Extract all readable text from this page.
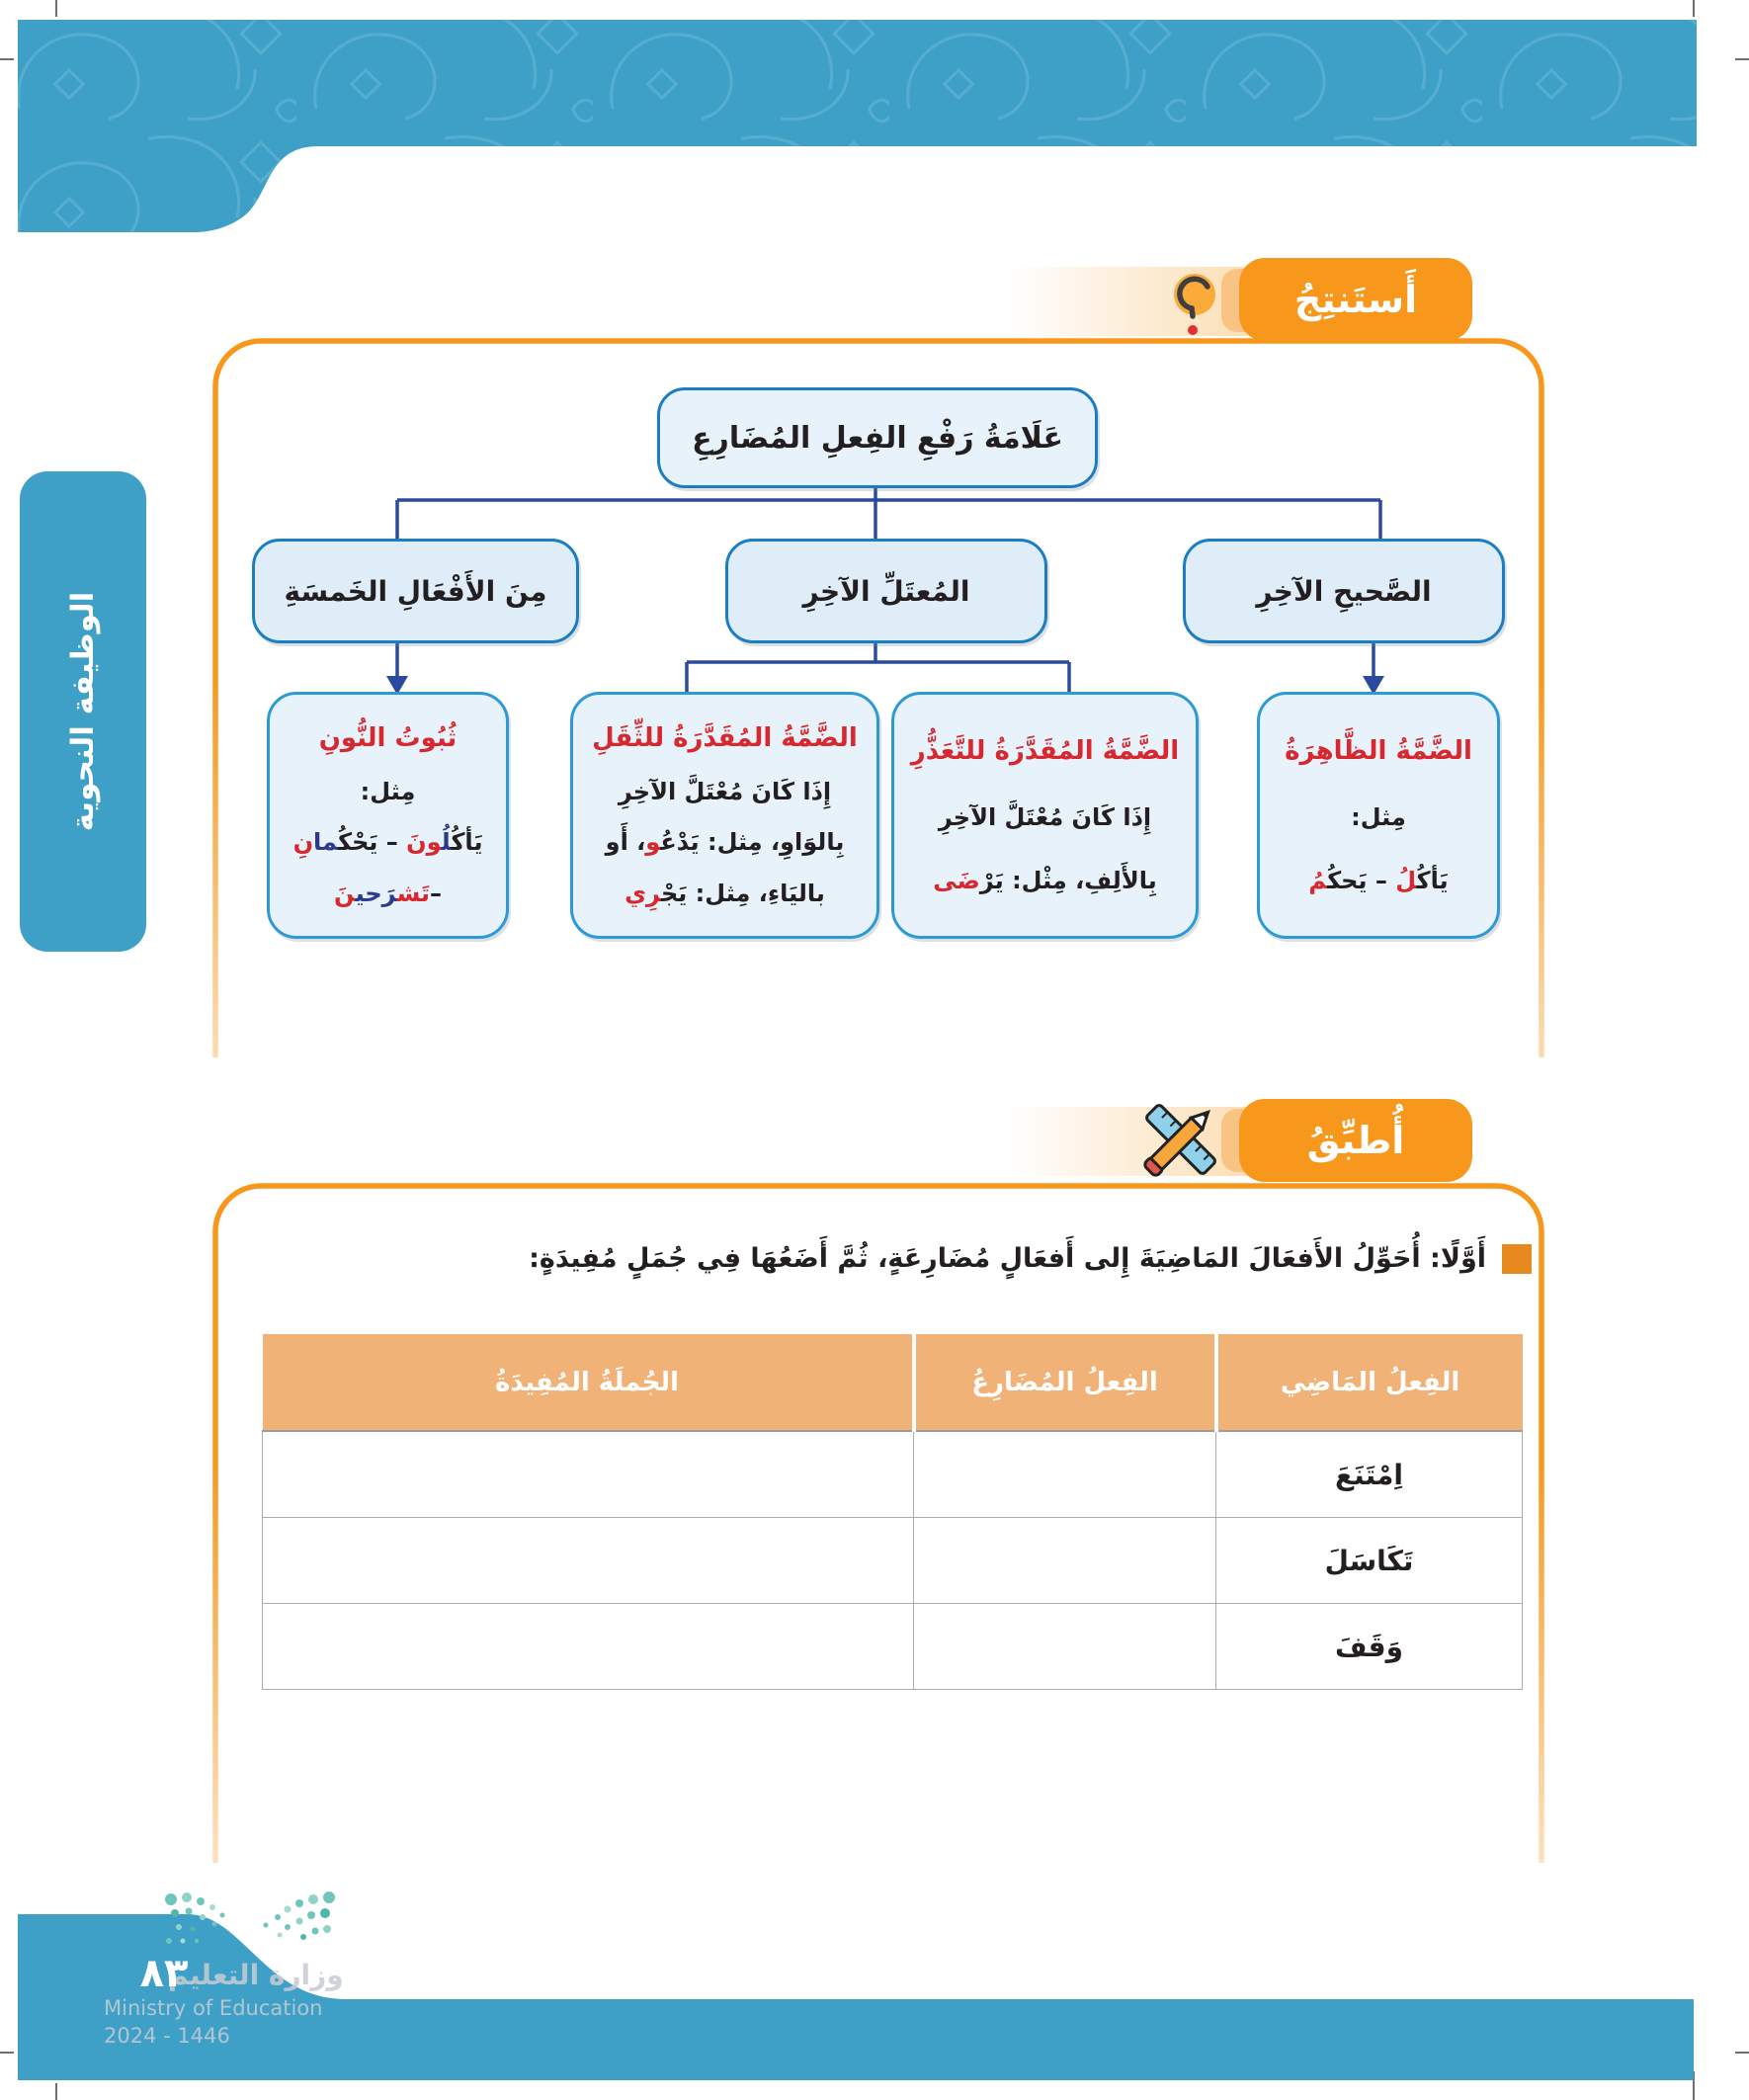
الوظيفة النحوية
أَستَنتِجُ
عَلَامَةُ رَفْعِ الفِعلِ المُضَارِعِ
الصَّحيحِ الآخِرِ
المُعتَلِّ الآخِرِ
مِنَ الأَفْعَالِ الخَمسَةِ
الضَّمَّةُ الظَّاهِرَةُ
مِثل:
يَأكُ‍‍لُ – يَحكُ‍‍مُ
الضَّمَّةُ المُقَدَّرَةُ للتَّعَذُّرِ
إِذَا كَانَ مُعْتَلَّ الآخِرِ
بِالأَلِفِ، مِثْل: يَرْضَى
الضَّمَّةُ المُقَدَّرَةُ للثِّقَلِ
إِذَا كَانَ مُعْتَلَّ الآخِرِ
بِالوَاوِ، مِثل: يَدْعُ‍‍و، أَو
باليَاءِ، مِثل: يَجْ‍‍رِي
ثُبُوتُ النُّونِ
مِثل:
يَأكُ‍‍لُ‍‍ونَ – يَحْكُ‍‍مانِ
–تَش‍‍رَحي‍‍نَ
أُطبِّقُ
أَوَّلًا: أُحَوِّلُ الأَفعَالَ المَاضِيَةَ إِلى أَفعَالٍ مُضَارِعَةٍ، ثُمَّ أَضَعُهَا فِي جُمَلٍ مُفِيدَةٍ:
الفِعلُ المَاضِي	الفِعلُ المُضَارِعُ	الجُملَةُ المُفِيدَةُ
اِمْتَنَعَ		
تَكَاسَلَ		
وَقَفَ		
وزارة التعليم
Ministry of Education
2024 - 1446
٨٣
